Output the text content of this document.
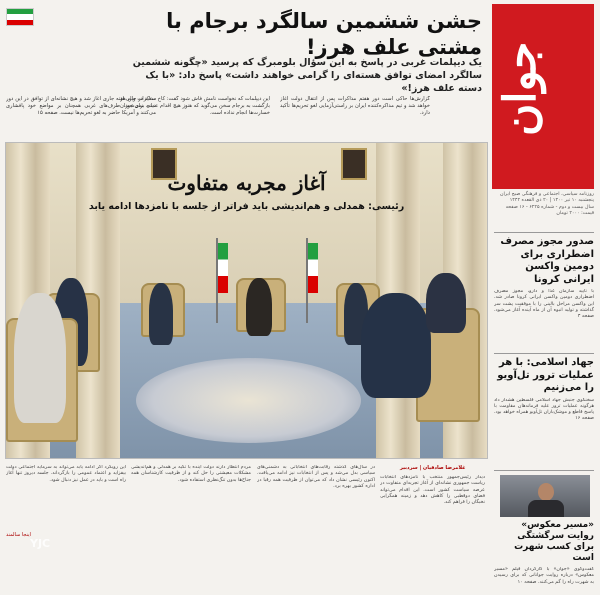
جوان
روزنامه سیاسی، اجتماعی و فرهنگی صبح ایران
پنجشنبه ۱۰ تیر ۱۴۰۰ | ۲۰ ذی القعده ۱۴۴۲
سال بیست و دوم - شماره ۶۲۲۵ - ۱۶ صفحه
قیمت: ۲۰۰۰ تومان
جشن ششمین سالگرد برجام با مشتی علف هرز!
یک دیپلمات غربی در پاسخ به این سؤال بلومبرگ که پرسید «چگونه ششمین سالگرد امضای توافق هسته‌ای را گرامی خواهند داشت» پاسخ داد: «با یک دسته علف هرز!»
این دیپلمات که نخواست نامش فاش شود گفت: کاخ سفید در حالی از بازگشت به برجام سخن می‌گوید که هنوز هیچ اقدام عملی برای جبران خسارت‌ها انجام نداده است.
گزارش‌ها حاکی است دور هفتم مذاکرات پس از انتقال دولت آغاز خواهد شد و تیم مذاکره‌کننده ایران بر راستی‌آزمایی لغو تحریم‌ها تأکید دارد.
مذاکرات وین هفته جاری آغاز شد و هیچ نشانه‌ای از توافق در این دور دیده نمی‌شود. طرف‌های غربی همچنان بر مواضع خود پافشاری می‌کنند و آمریکا حاضر به لغو تحریم‌ها نیست. صفحه ۱۵
آغاز مجربه متفاوت
رئیسی: همدلی و هم‌اندیشی باید فراتر از جلسه با نامزدها ادامه یابد
صدور مجوز مصرف اضطراری برای دومین واکسن ایرانی کرونا
با تأیید سازمان غذا و دارو، مجوز مصرف اضطراری دومین واکسن ایرانی کرونا صادر شد. این واکسن مراحل بالینی را با موفقیت پشت سر گذاشته و تولید انبوه آن از ماه آینده آغاز می‌شود. صفحه ۳
جهاد اسلامی: با هر عملیات ترور تل‌آویو را می‌زنیم
سخنگوی جنبش جهاد اسلامی فلسطین هشدار داد هرگونه عملیات ترور علیه فرماندهان مقاومت با پاسخ قاطع و موشک‌باران تل‌آویو همراه خواهد بود. صفحه ۱۶
«مسیر معکوس» روایت سرگشتگی برای کسب شهرت است
گفت‌وگوی «جوان» با کارگردان فیلم «مسیر معکوس» درباره روایت جوانانی که برای رسیدن به شهرت راه را گم می‌کنند. صفحه ۱۰
غلامرضا صادقیان | سردبیر
دیدار رئیس‌جمهور منتخب با نامزدهای انتخابات ریاست جمهوری نشانه‌ای از آغاز تجربه‌ای متفاوت در عرصه سیاست کشور است. این اقدام می‌تواند فضای دوقطبی را کاهش دهد و زمینه همگرایی نخبگان را فراهم کند.
در سال‌های گذشته رقابت‌های انتخاباتی به دشمنی‌های سیاسی بدل می‌شد و پس از انتخابات نیز ادامه می‌یافت. اکنون رئیسی نشان داد که می‌توان از ظرفیت همه رقبا در اداره کشور بهره برد.
مردم انتظار دارند دولت آینده با تکیه بر همدلی و هم‌اندیشی مشکلات معیشتی را حل کند و از ظرفیت کارشناسان همه جناح‌ها بدون تنگ‌نظری استفاده شود.
این رویکرد اگر ادامه یابد می‌تواند به سرمایه اجتماعی دولت بیفزاید و اعتماد عمومی را بازگرداند. جلسه دیروز تنها آغاز راه است و باید در عمل نیز دنبال شود.
اینجا سالمند
YJC
